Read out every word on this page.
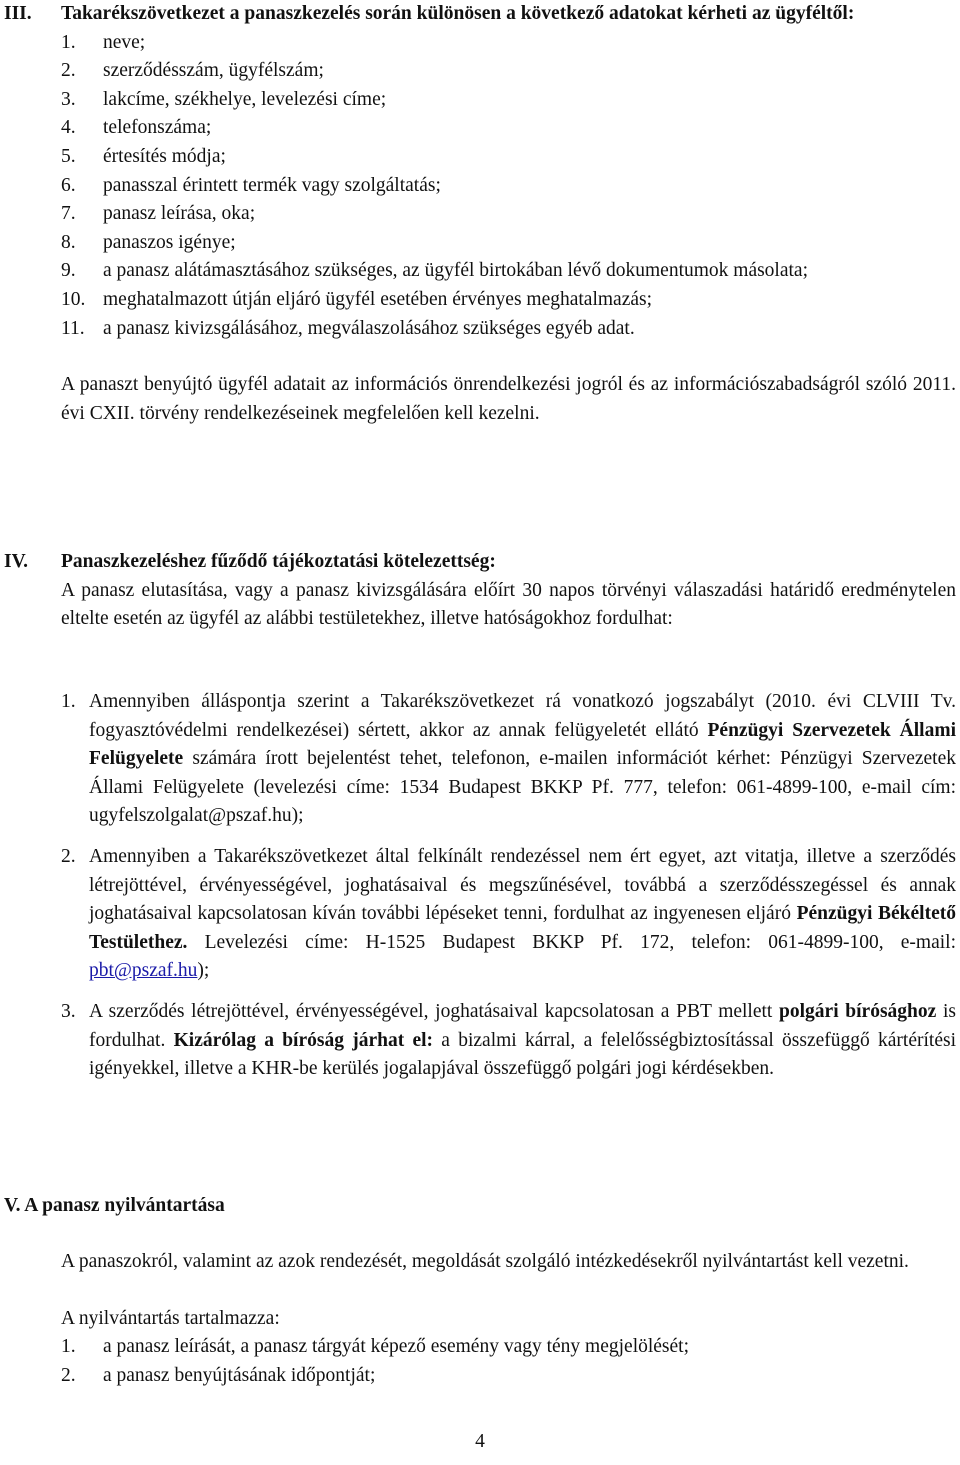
III. Takarékszövetkezet a panaszkezelés során különösen a következő adatokat kérheti az ügyféltől:
1. neve;
2. szerződésszám, ügyfélszám;
3. lakcíme, székhelye, levelezési címe;
4. telefonszáma;
5. értesítés módja;
6. panasszal érintett termék vagy szolgáltatás;
7. panasz leírása, oka;
8. panaszos igénye;
9. a panasz alátámasztásához szükséges, az ügyfél birtokában lévő dokumentumok másolata;
10. meghatalmazott útján eljáró ügyfél esetében érvényes meghatalmazás;
11. a panasz kivizsgálásához, megválaszolásához szükséges egyéb adat.
A panaszt benyújtó ügyfél adatait az információs önrendelkezési jogról és az információszabadságról szóló 2011. évi CXII. törvény rendelkezéseinek megfelelően kell kezelni.
IV. Panaszkezeléshez fűződő tájékoztatási kötelezettség:
A panasz elutasítása, vagy a panasz kivizsgálására előírt 30 napos törvényi válaszadási határidő eredménytelen eltelte esetén az ügyfél az alábbi testületekhez, illetve hatóságokhoz fordulhat:
1. Amennyiben álláspontja szerint a Takarékszövetkezet rá vonatkozó jogszabályt (2010. évi CLVIII Tv. fogyasztóvédelmi rendelkezései) sértett, akkor az annak felügyeletét ellátó Pénzügyi Szervezetek Állami Felügyelete számára írott bejelentést tehet, telefonon, e-mailen információt kérhet: Pénzügyi Szervezetek Állami Felügyelete (levelezési címe: 1534 Budapest BKKP Pf. 777, telefon: 061-4899-100, e-mail cím: ugyfelszolgalat@pszaf.hu);
2. Amennyiben a Takarékszövetkezet által felkínált rendezéssel nem ért egyet, azt vitatja, illetve a szerződés létrejöttével, érvényességével, joghatásaival és megszűnésével, továbbá a szerződésszegéssel és annak joghatásaival kapcsolatosan kíván további lépéseket tenni, fordulhat az ingyenesen eljáró Pénzügyi Békéltető Testülethez. Levelezési címe: H-1525 Budapest BKKP Pf. 172, telefon: 061-4899-100, e-mail: pbt@pszaf.hu);
3. A szerződés létrejöttével, érvényességével, joghatásaival kapcsolatosan a PBT mellett polgári bírósághoz is fordulhat. Kizárólag a bíróság járhat el: a bizalmi kárral, a felelősségbiztosítással összefüggő kártérítési igényekkel, illetve a KHR-be kerülés jogalapjával összefüggő polgári jogi kérdésekben.
V. A panasz nyilvántartása
A panaszokról, valamint az azok rendezését, megoldását szolgáló intézkedésekről nyilvántartást kell vezetni.
A nyilvántartás tartalmazza:
1. a panasz leírását, a panasz tárgyát képező esemény vagy tény megjelölését;
2. a panasz benyújtásának időpontját;
4
